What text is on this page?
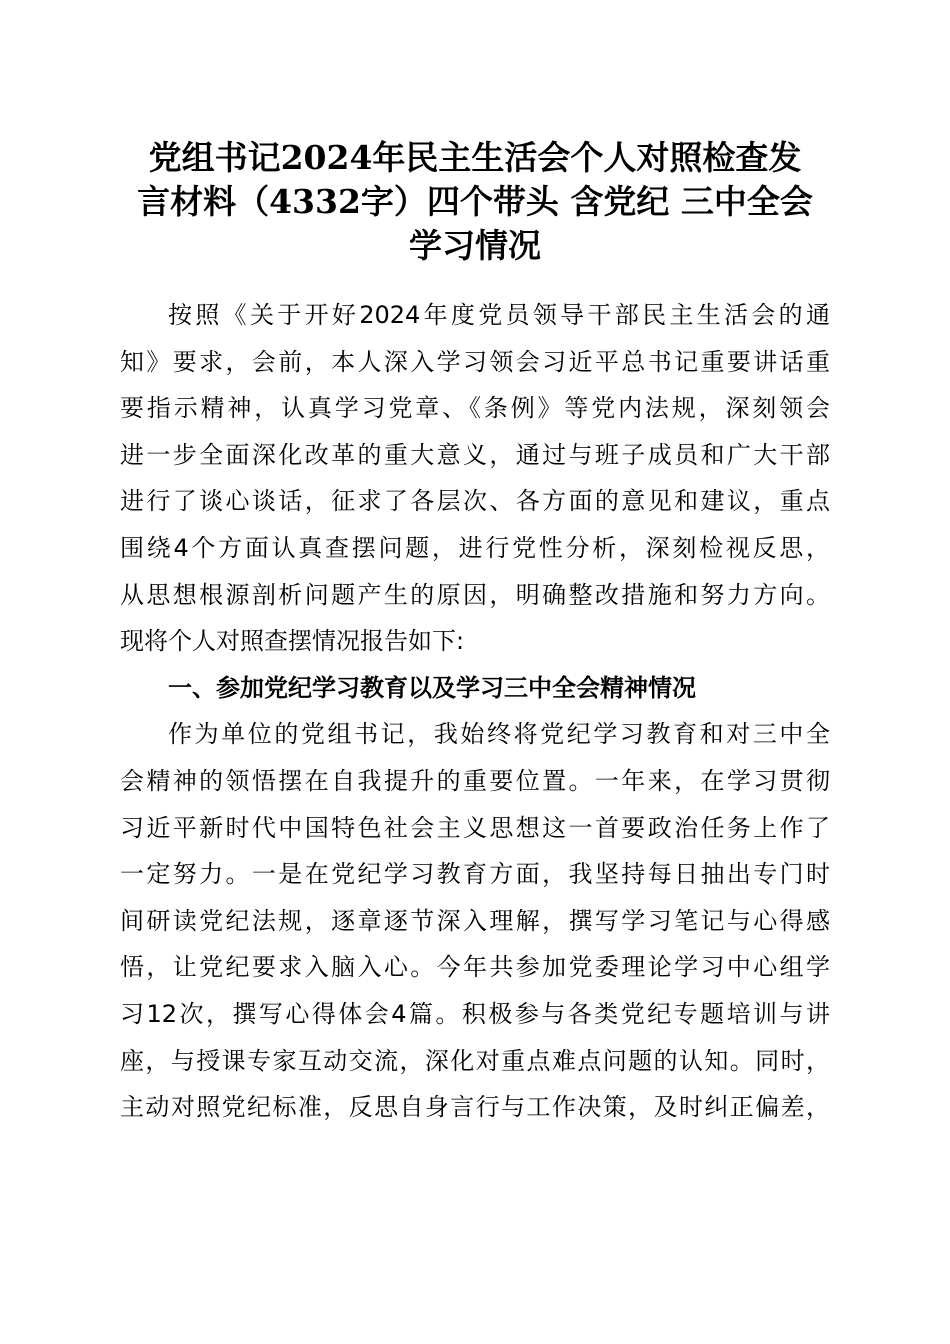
党组书记2024年民主生活会个人对照检查发
言材料（4332字）四个带头 含党纪 三中全会
学习情况
按照《关于开好2024年度党员领导干部民主生活会的通
知》要求，会前，本人深入学习领会习近平总书记重要讲话重
要指示精神，认真学习党章、《条例》等党内法规，深刻领会
进一步全面深化改革的重大意义，通过与班子成员和广大干部
进行了谈心谈话，征求了各层次、各方面的意见和建议，重点
围绕4个方面认真查摆问题，进行党性分析，深刻检视反思，
从思想根源剖析问题产生的原因，明确整改措施和努力方向。
现将个人对照查摆情况报告如下:
一、参加党纪学习教育以及学习三中全会精神情况
作为单位的党组书记，我始终将党纪学习教育和对三中全
会精神的领悟摆在自我提升的重要位置。一年来，在学习贯彻
习近平新时代中国特色社会主义思想这一首要政治任务上作了
一定努力。一是在党纪学习教育方面，我坚持每日抽出专门时
间研读党纪法规，逐章逐节深入理解，撰写学习笔记与心得感
悟，让党纪要求入脑入心。今年共参加党委理论学习中心组学
习12次，撰写心得体会4篇。积极参与各类党纪专题培训与讲
座，与授课专家互动交流，深化对重点难点问题的认知。同时，
主动对照党纪标准，反思自身言行与工作决策，及时纠正偏差，
